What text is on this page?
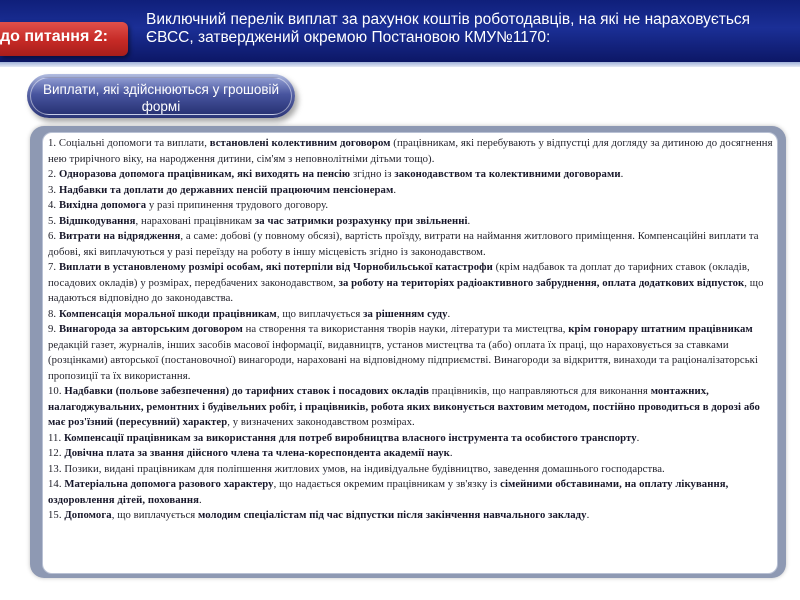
до питання 2:
Виключний перелік виплат за рахунок коштів роботодавців, на які не нараховується ЄВСС, затверджений окремою Постановою КМУ№1170:
Виплати, які здійснюються у грошовій формі

1. Соціальні допомоги та виплати, встановлені колективним договором (працівникам, які перебувають у відпустці для догляду за дитиною до досягнення нею трирічного віку, на народження дитини, сім'ям з неповнолітніми дітьми тощо).

2. Одноразова допомога працівникам, які виходять на пенсію згідно із законодавством та колективними договорами.

3. Надбавки та доплати до державних пенсій працюючим пенсіонерам.

4. Вихідна допомога у разі припинення трудового договору.

5. Відшкодування, нараховані працівникам за час затримки розрахунку при звільненні.

6. Витрати на відрядження, а саме: добові (у повному обсязі), вартість проїзду, витрати на наймання житлового приміщення. Компенсаційні виплати та добові, які виплачуються у разі переїзду на роботу в іншу місцевість згідно із законодавством.

7. Виплати в установленому розмірі особам, які потерпіли від Чорнобильської катастрофи (крім надбавок та доплат до тарифних ставок (окладів, посадових окладів) у розмірах, передбачених законодавством, за роботу на територіях радіоактивного забруднення, оплата додаткових відпусток, що надаються відповідно до законодавства.

8. Компенсація моральної шкоди працівникам, що виплачується за рішенням суду.

9. Винагорода за авторським договором на створення та використання творів науки, літератури та мистецтва, крім гонорару штатним працівникам редакцій газет, журналів, інших засобів масової інформації, видавництв, установ мистецтва та (або) оплата їх праці, що нараховується за ставками (розцінками) авторської (постановочної) винагороди, нараховані на відповідному підприємстві. Винагороди за відкриття, винаходи та раціоналізаторські пропозиції та їх використання.

10. Надбавки (польове забезпечення) до тарифних ставок і посадових окладів працівників, що направляються для виконання монтажних, налагоджувальних, ремонтних і будівельних робіт, і працівників, робота яких виконується вахтовим методом, постійно проводиться в дорозі або має роз'їзний (пересувний) характер, у визначених законодавством розмірах.

11. Компенсації працівникам за використання для потреб виробництва власного інструмента та особистого транспорту.

12. Довічна плата за звання дійсного члена та члена-кореспондента академії наук.

13. Позики, видані працівникам для поліпшення житлових умов, на індивідуальне будівництво, заведення домашнього господарства.

14. Матеріальна допомога разового характеру, що надається окремим працівникам у зв'язку із сімейними обставинами, на оплату лікування, оздоровлення дітей, поховання.

15. Допомога, що виплачується молодим спеціалістам під час відпустки після закінчення навчального закладу.
